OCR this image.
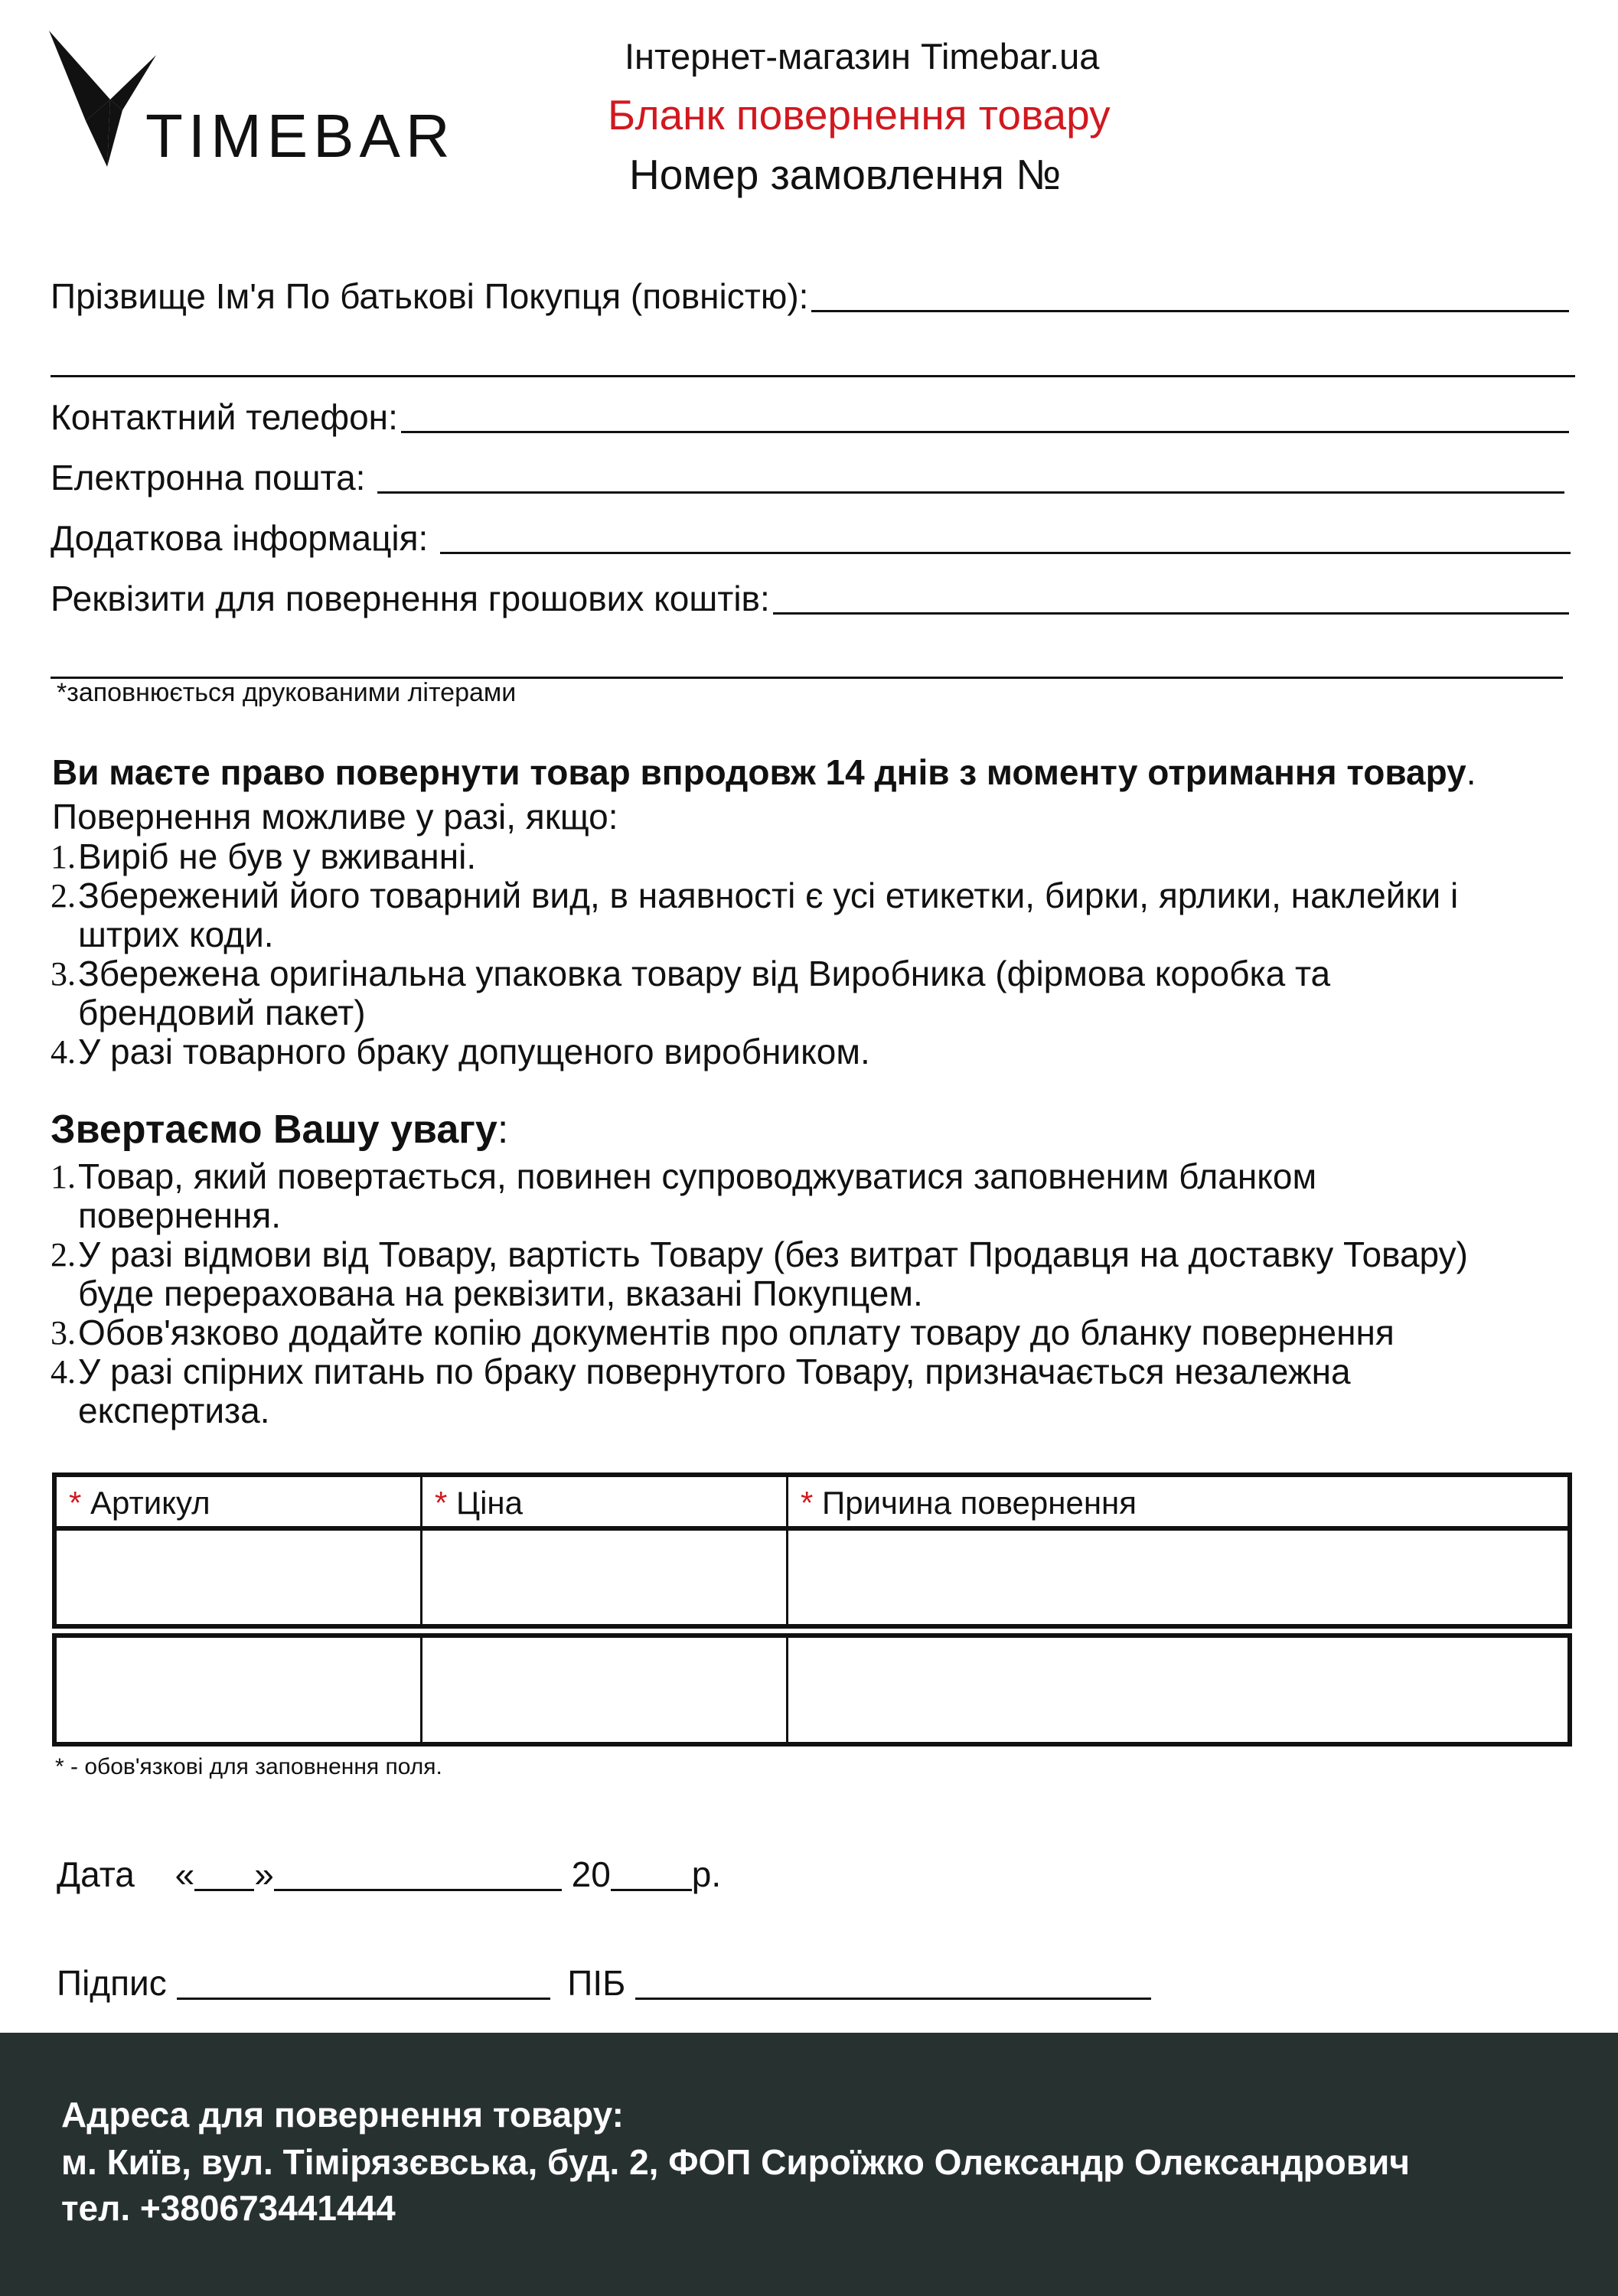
TIMEBAR
Інтернет-магазин Timebar.ua
Бланк повернення товару
Номер замовлення №
Прізвище Ім'я По батькові Покупця (повністю):
Контактний телефон:
Електронна пошта:
Додаткова інформація:
Реквізити для повернення грошових коштів:
*заповнюється друкованими літерами
Ви маєте право повернути товар впродовж 14 днів з моменту отримання товару.
Повернення можливе у разі, якщо:
1. Виріб не був у вживанні.
2. Збережений його товарний вид, в наявності є усі етикетки, бирки, ярлики, наклейки і
штрих коди.
3. Збережена оригінальна упаковка товару від Виробника (фірмова коробка та
брендовий пакет)
4. У разі товарного браку допущеного виробником.
Звертаємо Вашу увагу:
1. Товар, який повертається, повинен супроводжуватися заповненим бланком
повернення.
2. У разі відмови від Товару, вартість Товару (без витрат Продавця на доставку Товару)
буде перерахована на реквізити, вказані Покупцем.
3. Обов'язково додайте копію документів про оплату товару до бланку повернення
4. У разі спірних питань по браку повернутого Товару, призначається незалежна
експертиза.
* Артикул	* Ціна	* Причина повернення
* - обов'язкові для заповнення поля.
Дата « »	20 р.
Підпис	ПІБ
Адреса для повернення товару:
м. Київ, вул. Тімірязєвська, буд. 2, ФОП Сироїжко Олександр Олександрович
тел. +380673441444
